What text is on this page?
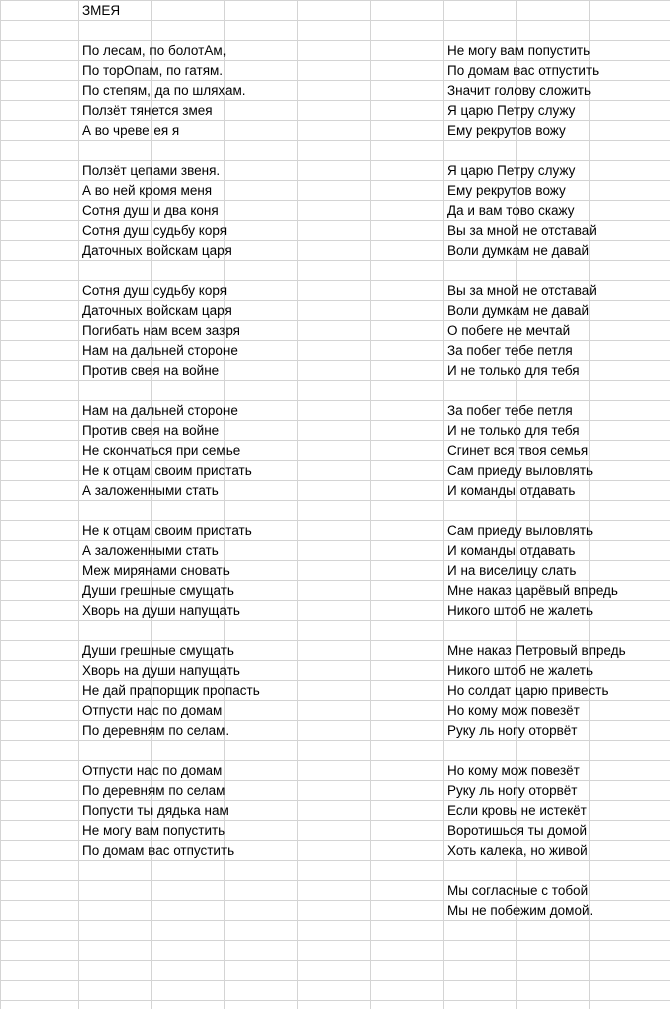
	ЗМЕЯ							

	По лесам, по болотАм,					Не могу вам попустить		
	По торОпам, по гатям.					По домам вас отпустить		
	По степям, да по шляхам.					Значит голову сложить		
	Ползёт тянется змея					Я царю Петру служу		
	А во чреве ея я					Ему рекрутов вожу		

	Ползёт цепами звеня.					Я царю Петру служу		
	А во ней кромя меня					Ему рекрутов вожу		
	Сотня душ и два коня					Да и вам тово скажу		
	Сотня душ судьбу коря					Вы за мной не отставай		
	Даточных войскам царя					Воли думкам не давай		

	Сотня душ судьбу коря					Вы за мной не отставай		
	Даточных войскам царя					Воли думкам не давай		
	Погибать нам всем зазря					О побеге не мечтай		
	Нам на дальней стороне					За побег тебе петля		
	Против свея на войне					И не только для тебя		

	Нам на дальней стороне					За побег тебе петля		
	Против свея на войне					И не только для тебя		
	Не скончаться при семье					Сгинет вся твоя семья		
	Не к отцам своим пристать					Сам приеду выловлять		
	А заложенными стать					И команды отдавать		

	Не к отцам своим пристать					Сам приеду выловлять		
	А заложенными стать					И команды отдавать		
	Меж мирянами сновать					И на виселицу слать		
	Души грешные смущать					Мне наказ царёвый впредь		
	Хворь на души напущать					Никого штоб не жалеть		

	Души грешные смущать					Мне наказ Петровый впредь		
	Хворь на души напущать					Никого штоб не жалеть		
	Не дай прапорщик пропасть					Но солдат царю привесть		
	Отпусти нас по домам					Но кому мож повезёт		
	По деревням по селам.					Руку ль ногу оторвёт		

	Отпусти нас по домам					Но кому мож повезёт		
	По деревням по селам					Руку ль ногу оторвёт		
	Попусти ты дядька нам					Если кровь не истекёт		
	Не могу вам попустить					Воротишься ты домой		
	По домам вас отпустить					Хоть калека, но живой		

						Мы согласные с тобой		
						Мы не побежим домой.		
